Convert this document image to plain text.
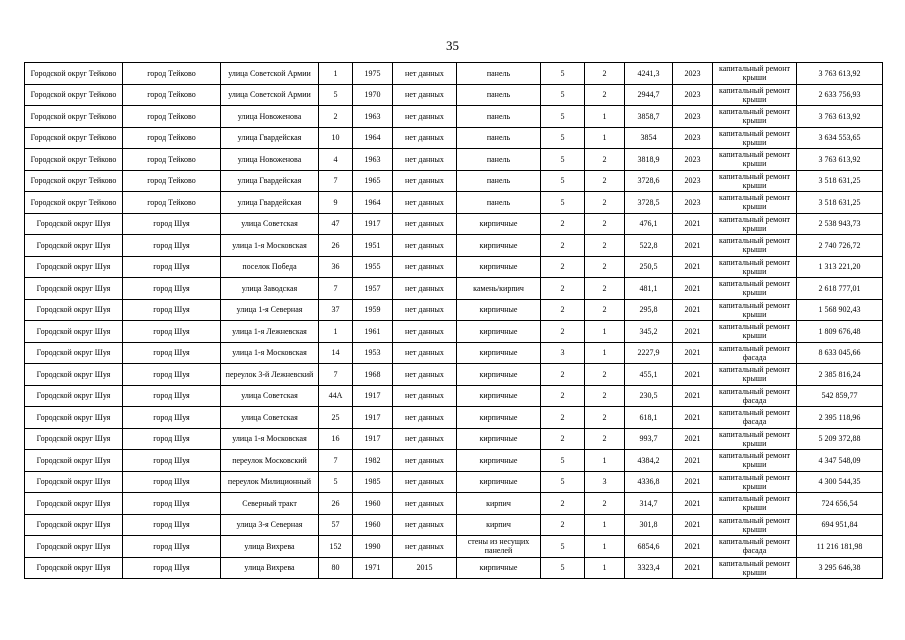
35
Городской округ Тейково	город Тейково	улица Советской Армии	1	1975	нет данных	панель	5	2	4241,3	2023	капитальный ремонт крыши	3 763 613,92
Городской округ Тейково	город Тейково	улица Советской Армии	5	1970	нет данных	панель	5	2	2944,7	2023	капитальный ремонт крыши	2 633 756,93
Городской округ Тейково	город Тейково	улица Новоженова	2	1963	нет данных	панель	5	1	3858,7	2023	капитальный ремонт крыши	3 763 613,92
Городской округ Тейково	город Тейково	улица Гвардейская	10	1964	нет данных	панель	5	1	3854	2023	капитальный ремонт крыши	3 634 553,65
Городской округ Тейково	город Тейково	улица Новоженова	4	1963	нет данных	панель	5	2	3818,9	2023	капитальный ремонт крыши	3 763 613,92
Городской округ Тейково	город Тейково	улица Гвардейская	7	1965	нет данных	панель	5	2	3728,6	2023	капитальный ремонт крыши	3 518 631,25
Городской округ Тейково	город Тейково	улица Гвардейская	9	1964	нет данных	панель	5	2	3728,5	2023	капитальный ремонт крыши	3 518 631,25
Городской округ Шуя	город Шуя	улица Советская	47	1917	нет данных	кирпичные	2	2	476,1	2021	капитальный ремонт крыши	2 538 943,73
Городской округ Шуя	город Шуя	улица 1-я Московская	26	1951	нет данных	кирпичные	2	2	522,8	2021	капитальный ремонт крыши	2 740 726,72
Городской округ Шуя	город Шуя	поселок Победа	36	1955	нет данных	кирпичные	2	2	250,5	2021	капитальный ремонт крыши	1 313 221,20
Городской округ Шуя	город Шуя	улица Заводская	7	1957	нет данных	камень/кирпич	2	2	481,1	2021	капитальный ремонт крыши	2 618 777,01
Городской округ Шуя	город Шуя	улица 1-я Северная	37	1959	нет данных	кирпичные	2	2	295,8	2021	капитальный ремонт крыши	1 568 902,43
Городской округ Шуя	город Шуя	улица 1-я Лежневская	1	1961	нет данных	кирпичные	2	1	345,2	2021	капитальный ремонт крыши	1 809 676,48
Городской округ Шуя	город Шуя	улица 1-я Московская	14	1953	нет данных	кирпичные	3	1	2227,9	2021	капитальный ремонт фасада	8 633 045,66
Городской округ Шуя	город Шуя	переулок 3-й Лежневский	7	1968	нет данных	кирпичные	2	2	455,1	2021	капитальный ремонт крыши	2 385 816,24
Городской округ Шуя	город Шуя	улица Советская	44А	1917	нет данных	кирпичные	2	2	230,5	2021	капитальный ремонт фасада	542 859,77
Городской округ Шуя	город Шуя	улица Советская	25	1917	нет данных	кирпичные	2	2	618,1	2021	капитальный ремонт фасада	2 395 118,96
Городской округ Шуя	город Шуя	улица 1-я Московская	16	1917	нет данных	кирпичные	2	2	993,7	2021	капитальный ремонт крыши	5 209 372,88
Городской округ Шуя	город Шуя	переулок Московский	7	1982	нет данных	кирпичные	5	1	4384,2	2021	капитальный ремонт крыши	4 347 548,09
Городской округ Шуя	город Шуя	переулок Милиционный	5	1985	нет данных	кирпичные	5	3	4336,8	2021	капитальный ремонт крыши	4 300 544,35
Городской округ Шуя	город Шуя	Северный тракт	26	1960	нет данных	кирпич	2	2	314,7	2021	капитальный ремонт крыши	724 656,54
Городской округ Шуя	город Шуя	улица 3-я Северная	57	1960	нет данных	кирпич	2	1	301,8	2021	капитальный ремонт крыши	694 951,84
Городской округ Шуя	город Шуя	улица Вихрева	152	1990	нет данных	стены из несущих панелей	5	1	6854,6	2021	капитальный ремонт фасада	11 216 181,98
Городской округ Шуя	город Шуя	улица Вихрева	80	1971	2015	кирпичные	5	1	3323,4	2021	капитальный ремонт крыши	3 295 646,38
